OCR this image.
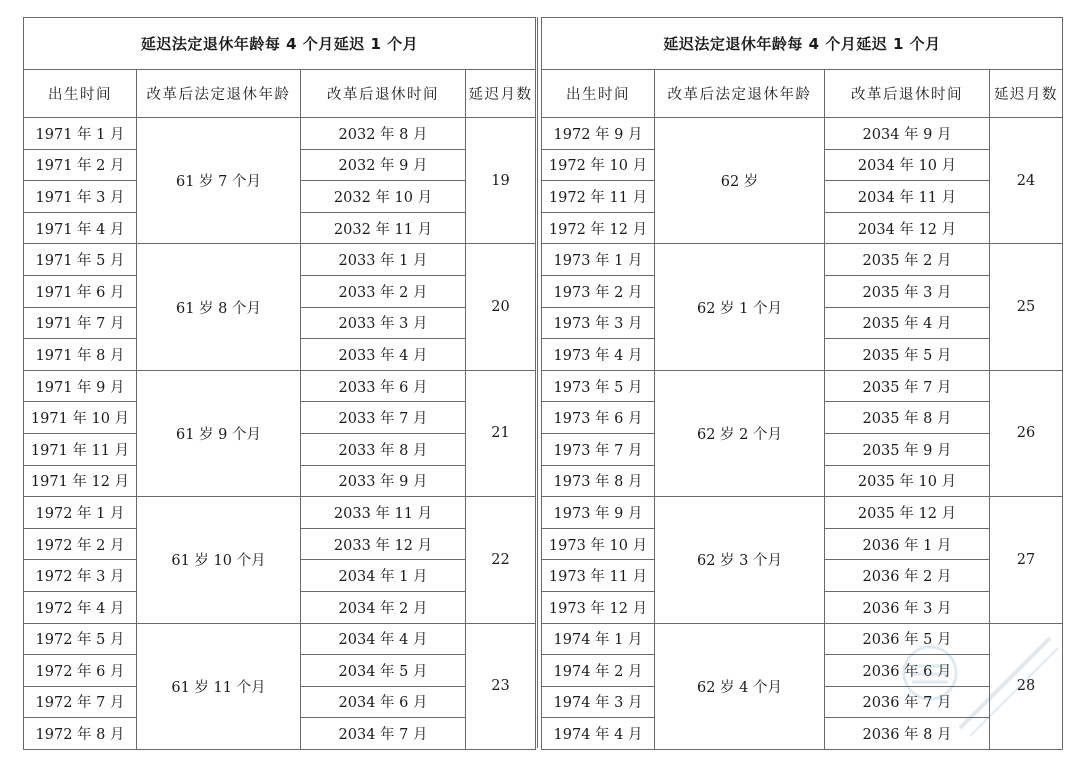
延迟法定退休年龄每 4 个月延迟 1 个月			
出生时间	改革后法定退休年龄	改革后退休时间	延迟月数
1971 年 1 月	61 岁 7 个月	2032 年 8 月	19
1971 年 2 月		2032 年 9 月	
1971 年 3 月		2032 年 10 月	
1971 年 4 月		2032 年 11 月	
1971 年 5 月	61 岁 8 个月	2033 年 1 月	20
1971 年 6 月		2033 年 2 月	
1971 年 7 月		2033 年 3 月	
1971 年 8 月		2033 年 4 月	
1971 年 9 月	61 岁 9 个月	2033 年 6 月	21
1971 年 10 月		2033 年 7 月	
1971 年 11 月		2033 年 8 月	
1971 年 12 月		2033 年 9 月	
1972 年 1 月	61 岁 10 个月	2033 年 11 月	22
1972 年 2 月		2033 年 12 月	
1972 年 3 月		2034 年 1 月	
1972 年 4 月		2034 年 2 月	
1972 年 5 月	61 岁 11 个月	2034 年 4 月	23
1972 年 6 月		2034 年 5 月	
1972 年 7 月		2034 年 6 月	
1972 年 8 月		2034 年 7 月	
延迟法定退休年龄每 4 个月延迟 1 个月			
出生时间	改革后法定退休年龄	改革后退休时间	延迟月数
1972 年 9 月	62 岁	2034 年 9 月	24
1972 年 10 月		2034 年 10 月	
1972 年 11 月		2034 年 11 月	
1972 年 12 月		2034 年 12 月	
1973 年 1 月	62 岁 1 个月	2035 年 2 月	25
1973 年 2 月		2035 年 3 月	
1973 年 3 月		2035 年 4 月	
1973 年 4 月		2035 年 5 月	
1973 年 5 月	62 岁 2 个月	2035 年 7 月	26
1973 年 6 月		2035 年 8 月	
1973 年 7 月		2035 年 9 月	
1973 年 8 月		2035 年 10 月	
1973 年 9 月	62 岁 3 个月	2035 年 12 月	27
1973 年 10 月		2036 年 1 月	
1973 年 11 月		2036 年 2 月	
1973 年 12 月		2036 年 3 月	
1974 年 1 月	62 岁 4 个月	2036 年 5 月	28
1974 年 2 月		2036 年 6 月	
1974 年 3 月		2036 年 7 月	
1974 年 4 月		2036 年 8 月	
